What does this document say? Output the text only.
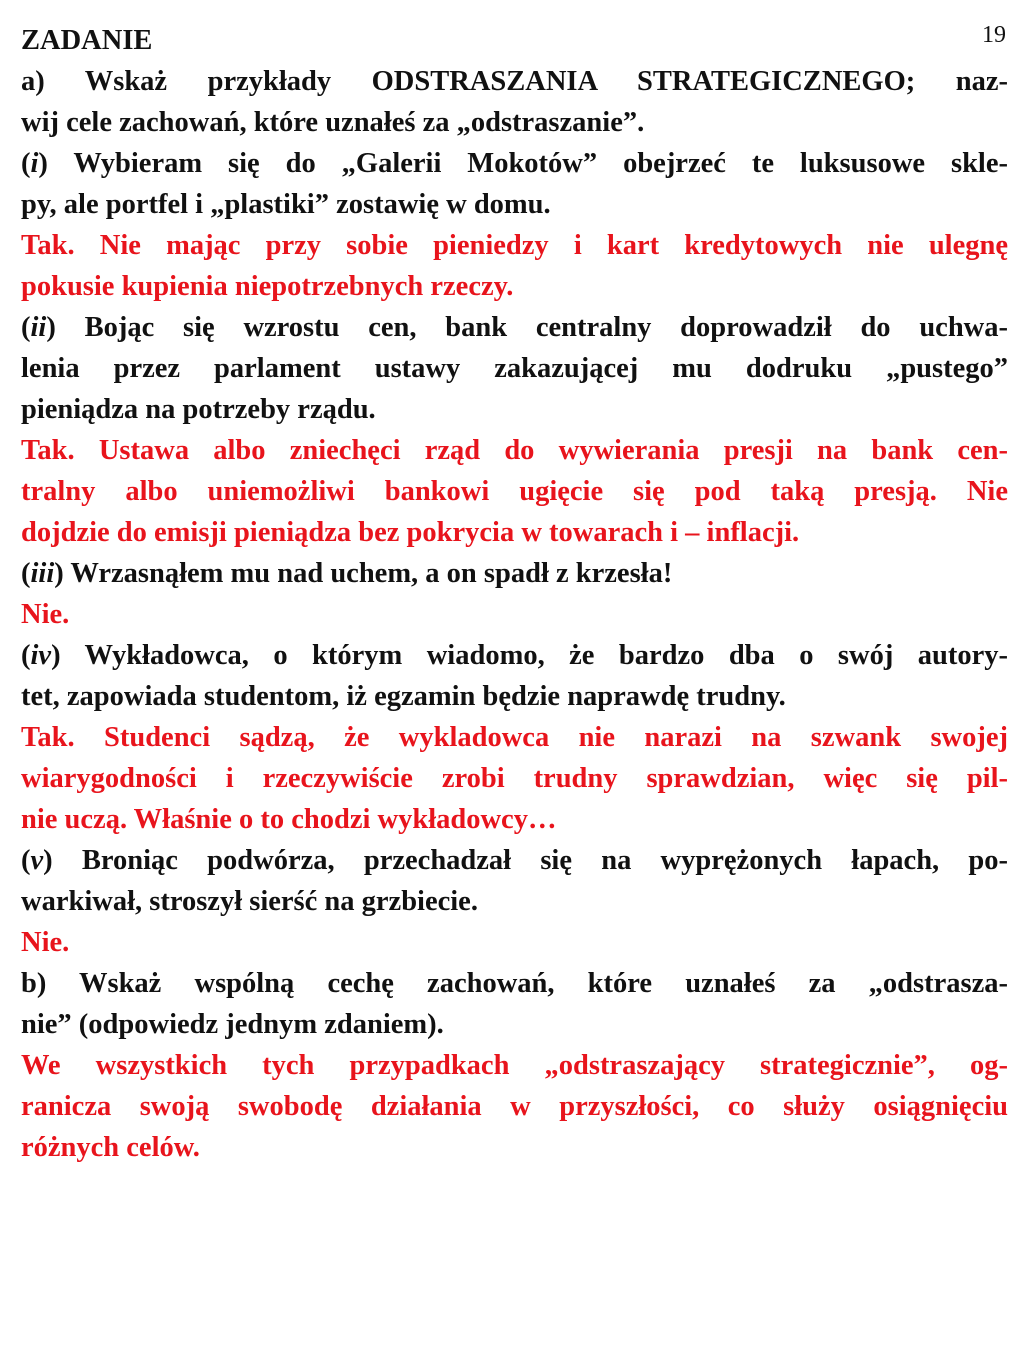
19
ZADANIE
a) Wskaż przykłady ODSTRASZANIA STRATEGICZNEGO; naz-
wij cele zachowań, które uznałeś za „odstraszanie”.
(i) Wybieram się do „Galerii Mokotów” obejrzeć te luksusowe skle-
py, ale portfel i „plastiki” zostawię w domu.
Tak. Nie mając przy sobie pieniedzy i kart kredytowych nie ulegnę
pokusie kupienia niepotrzebnych rzeczy.
(ii) Bojąc się wzrostu cen, bank centralny doprowadził do uchwa-
lenia przez parlament ustawy zakazującej mu dodruku „pustego”
pieniądza na potrzeby rządu.
Tak. Ustawa albo zniechęci rząd do wywierania presji na bank cen-
tralny albo uniemożliwi bankowi ugięcie się pod taką presją. Nie
dojdzie do emisji pieniądza bez pokrycia w towarach i – inflacji.
(iii) Wrzasnąłem mu nad uchem, a on spadł z krzesła!
Nie.
(iv) Wykładowca, o którym wiadomo, że bardzo dba o swój autory-
tet, zapowiada studentom, iż egzamin będzie naprawdę trudny.
Tak. Studenci sądzą, że wykladowca nie narazi na szwank swojej
wiarygodności i rzeczywiście zrobi trudny sprawdzian, więc się pil-
nie uczą. Właśnie o to chodzi wykładowcy…
(v) Broniąc podwórza, przechadzał się na wyprężonych łapach, po-
warkiwał, stroszył sierść na grzbiecie.
Nie.
b) Wskaż wspólną cechę zachowań, które uznałeś za „odstrasza-
nie” (odpowiedz jednym zdaniem).
We wszystkich tych przypadkach „odstraszający strategicznie”, og-
ranicza swoją swobodę działania w przyszłości, co służy osiągnięciu
różnych celów.
